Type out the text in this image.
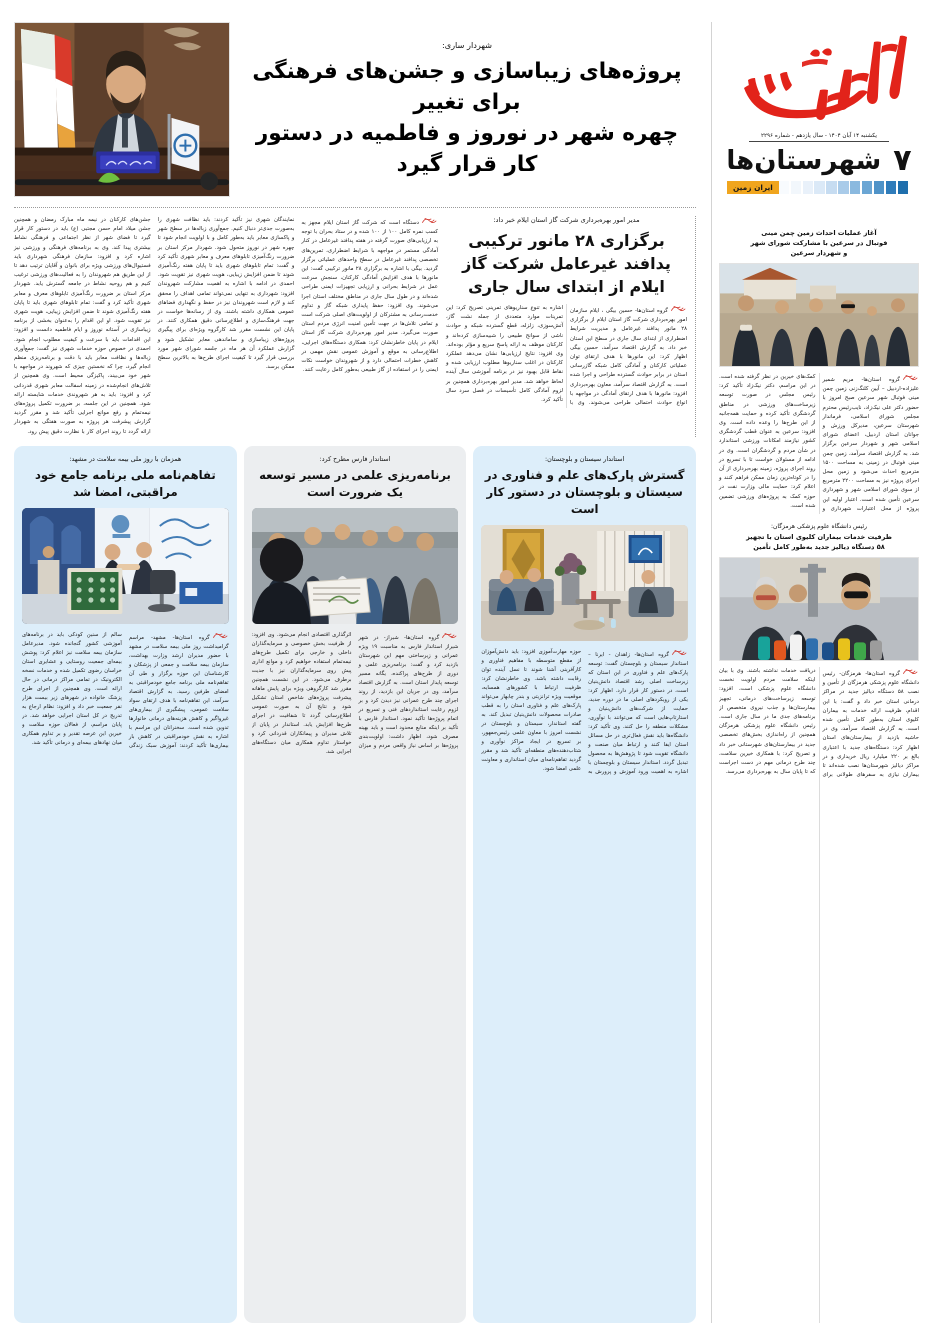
شهردار ساری:
پروژه‌های زیباسازی و جشن‌های فرهنگی برای تغییر
چهره شهر در نوروز و فاطمیه در دستور کار قرار گیرد
مدیر امور بهره‌برداری شرکت گاز استان ایلام خبر داد:
برگزاری ۲۸ مانور ترکیبی
پدافند غیرعامل شرکت گاز
ایلام از ابتدای سال جاری
گروه استان‌ها- حسین بیگی ، ایلام سازمان امور بهره‌برداری شرکت گاز استان ایلام از برگزاری ۲۸ مانور پدافند غیرعامل و مدیریت شرایط اضطراری از ابتدای سال جاری در سطح این استان خبر داد. به گزارش اقتصاد سرآمد، حسین بیگی اظهار کرد: این مانورها با هدف ارتقای توان عملیاتی کارکنان و آمادگی کامل شبکه گازرسانی استان در برابر حوادث گسترده طراحی و اجرا شده است. به گزارش اقتصاد سرآمد، معاون بهره‌برداری افزود: مانورها با هدف ارتقای آمادگی در مواجهه با انواع حوادث احتمالی طراحی می‌شوند. وی با اشاره به تنوع سناریوهای تمرینی تصریح کرد: این تمرینات موارد متعددی از جمله نشت گاز، آتش‌سوزی، زلزله، قطع گسترده شبکه و حوادث ناشی از سوانح طبیعی را شبیه‌سازی کرده‌اند و کارکنان موظف به ارائه پاسخ سریع و مؤثر بوده‌اند. وی افزود: نتایج ارزیابی‌ها نشان می‌دهد عملکرد کارکنان در اغلب سناریوها مطلوب ارزیابی شده و نقاط قابل بهبود نیز در برنامه آموزشی سال آینده لحاظ خواهد شد. مدیر امور بهره‌برداری همچنین بر لزوم آمادگی کامل تأسیسات در فصل سرد سال تأکید کرد.
دستگاه است که شرکت گاز استان ایلام مجهز به کسب نمره کامل ۱۰۰ از ۱۰۰ شده و در ستاد بحران با توجه به ارزیابی‌های صورت گرفته در هفته پدافند غیرعامل در کنار آمادگی مستمر در مواجهه با شرایط اضطراری، تمرین‌های تخصصی پدافند غیرعامل در سطح واحدهای عملیاتی برگزار گردید. بیگی با اشاره به برگزاری ۲۸ مانور ترکیبی گفت: این مانورها با هدف افزایش آمادگی کارکنان، سنجش سرعت عمل در شرایط بحرانی و ارزیابی تجهیزات ایمنی طراحی شده‌اند و در طول سال جاری در مناطق مختلف استان اجرا می‌شوند. وی افزود: حفظ پایداری شبکه گاز و تداوم خدمت‌رسانی به مشترکان از اولویت‌های اصلی شرکت است و تمامی تلاش‌ها در جهت تأمین امنیت انرژی مردم استان صورت می‌گیرد. مدیر امور بهره‌برداری شرکت گاز استان ایلام در پایان خاطرنشان کرد: همکاری دستگاه‌های اجرایی، اطلاع‌رسانی به موقع و آموزش عمومی نقش مهمی در کاهش خطرات احتمالی دارد و از شهروندان خواست نکات ایمنی را در استفاده از گاز طبیعی به‌طور کامل رعایت کنند.
نمایندگان شهری نیز تأکید کردند: باید نظافت شهری را به‌صورت جدی‌تر دنبال کنیم. جمع‌آوری زباله‌ها در سطح شهر و پاکسازی معابر باید به‌طور کامل و با اولویت انجام شود تا چهره شهر در نوروز متحول شود. شهردار مرکز استان بر ضرورت رنگ‌آمیزی تابلوهای معرف و معابر شهری تأکید کرد و گفت: تمام تابلوهای شهری باید تا پایان هفته رنگ‌آمیزی شوند تا ضمن افزایش زیبایی، هویت شهری نیز تقویت شود. احمدی در ادامه با اشاره به اهمیت مشارکت شهروندان افزود: شهرداری به تنهایی نمی‌تواند تمامی اهداف را محقق کند و لازم است شهروندان نیز در حفظ و نگهداری فضاهای عمومی همکاری داشته باشند. وی از رسانه‌ها خواست در جهت فرهنگ‌سازی و اطلاع‌رسانی دقیق همکاری کنند. در پایان این نشست مقرر شد کارگروه ویژه‌ای برای پیگیری پروژه‌های زیباسازی و ساماندهی معابر تشکیل شود و گزارش عملکرد آن هر ماه در جلسه شورای شهر مورد بررسی قرار گیرد تا کیفیت اجرای طرح‌ها به بالاترین سطح ممکن برسد.
جشن‌های کارکنان در نیمه ماه مبارک رمضان و همچنین جشن میلاد امام حسن مجتبی (ع) باید در دستور کار قرار گیرد تا فضای شهر از نظر اجتماعی و فرهنگی نشاط بیشتری پیدا کند. وی به برنامه‌های فرهنگی و ورزشی نیز اشاره کرد و افزود: سازمان فرهنگی شهرداری باید فستیوال‌های ورزشی ویژه برای بانوان و آقایان ترتیب دهد تا از این طریق هم شهروندان را به فعالیت‌های ورزشی ترغیب کنیم و هم روحیه نشاط در جامعه گسترش یابد. شهردار مرکز استان بر ضرورت رنگ‌آمیزی تابلوهای معرف و معابر شهری تأکید کرد و گفت: تمام تابلوهای شهری باید تا پایان هفته رنگ‌آمیزی شوند تا ضمن افزایش زیبایی، هویت شهری نیز تقویت شود. او این اقدام را به‌عنوان بخشی از برنامه زیباسازی در آستانه نوروز و ایام فاطمیه دانست و افزود: این اقدامات باید با سرعت و کیفیت مطلوب انجام شود. احمدی در خصوص حوزه خدمات شهری نیز گفت: جمع‌آوری زباله‌ها و نظافت معابر باید با دقت و برنامه‌ریزی منظم انجام گیرد، چرا که نخستین چیزی که شهروند در مواجهه با شهر خود می‌بیند، پاکیزگی محیط است. وی همچنین از تلاش‌های انجام‌شده در زمینه اسفالت معابر شهری قدردانی کرد و افزود: باید به هر شهروندی خدمات شایسته ارائه شود. همچنین در این جلسه، بر ضرورت تکمیل پروژه‌های نیمه‌تمام و رفع موانع اجرایی تأکید شد و مقرر گردید گزارش پیشرفت هر پروژه به صورت هفتگی به شهردار ارائه گردد تا روند اجرای کار با نظارت دقیق پیش رود.
استاندار سیستان و بلوچستان:
گسترش پارک‌های علم و فناوری در
سیستان و بلوچستان در دستور کار است
گروه استان‌ها- زاهدان - ایرنا – استاندار سیستان و بلوچستان گفت: توسعه پارک‌های علم و فناوری در این استان که زیرساخت اصلی رشد اقتصاد دانش‌بنیان است، در دستور کار قرار دارد. اظهار کرد: یکی از رویکردهای اصلی ما در دوره جدید، حمایت از شرکت‌های دانش‌بنیان و استارتاپ‌هایی است که می‌توانند با نوآوری، مشکلات منطقه را حل کنند. وی تأکید کرد: دانشگاه‌ها باید نقش فعال‌تری در حل مسائل استان ایفا کنند و ارتباط میان صنعت و دانشگاه تقویت شود تا پژوهش‌ها به محصول تبدیل گردد. استاندار سیستان و بلوچستان با اشاره به اهمیت ورود آموزش و پرورش به حوزه مهارت‌آموزی افزود: باید دانش‌آموزان از مقطع متوسطه با مفاهیم فناوری و کارآفرینی آشنا شوند تا نسل آینده توان رقابت داشته باشد. وی خاطرنشان کرد: ظرفیت ارتباط با کشورهای همسایه، موقعیت ویژه ترانزیتی و بندر چابهار می‌تواند پارک‌های علم و فناوری استان را به قطب صادرات محصولات دانش‌بنیان تبدیل کند. به گفته استاندار، سیستان و بلوچستان در نشست امروز با معاون علمی رئیس‌جمهور، بر تسریع در ایجاد مراکز نوآوری و شتاب‌دهنده‌های منطقه‌ای تأکید شد و مقرر گردید تفاهم‌نامه‌ای میان استانداری و معاونت علمی امضا شود.
استاندار فارس مطرح کرد:
برنامه‌ریزی علمی در مسیر توسعه
یک ضرورت است
گروه استان‌ها- شیراز- در شهر شیراز استاندار فارس به مناسبت ۱۹ ویژه عمرانی و زیرساختی مهم این شهرستان بازدید کرد و گفت: برنامه‌ریزی علمی و دوری از طرح‌های پراکنده، یگانه مسیر توسعه پایدار استان است. به گزارش اقتصاد سرآمد، وی در جریان این بازدید، از روند اجرای چند طرح عمرانی نیز دیدن کرد و بر لزوم رعایت استانداردهای فنی و تسریع در اتمام پروژه‌ها تأکید نمود. استاندار فارس با تأکید بر اینکه منابع محدود است و باید بهینه مصرف شود، اظهار داشت: اولویت‌بندی پروژه‌ها بر اساس نیاز واقعی مردم و میزان اثرگذاری اقتصادی انجام می‌شود. وی افزود: از ظرفیت بخش خصوصی و سرمایه‌گذاران داخلی و خارجی برای تکمیل طرح‌های نیمه‌تمام استفاده خواهیم کرد و موانع اداری پیش روی سرمایه‌گذاران نیز با جدیت برطرف می‌شود. در این نشست همچنین مقرر شد کارگروهی ویژه برای پایش ماهانه پیشرفت پروژه‌های شاخص استان تشکیل شود و نتایج آن به صورت عمومی اطلاع‌رسانی گردد تا شفافیت در اجرای طرح‌ها افزایش یابد. استاندار در پایان از تلاش مدیران و پیمانکاران قدردانی کرد و خواستار تداوم همکاری میان دستگاه‌های اجرایی شد.
همزمان با روز ملی بیمه سلامت در مشهد:
تفاهم‌نامه ملی برنامه جامع خود
مراقبتی، امضا شد
گروه استان‌ها- مشهد- مراسم گرامیداشت روز ملی بیمه سلامت در مشهد با حضور مدیران ارشد وزارت بهداشت، سازمان بیمه سلامت و جمعی از پزشکان و کارشناسان این حوزه برگزار و طی آن تفاهم‌نامه ملی برنامه جامع خودمراقبتی به امضای طرفین رسید. به گزارش اقتصاد سرآمد، این تفاهم‌نامه با هدف ارتقای سواد سلامت عمومی، پیشگیری از بیماری‌های غیرواگیر و کاهش هزینه‌های درمانی خانوارها تدوین شده است. سخنرانان این مراسم با اشاره به نقش خودمراقبتی در کاهش بار بیماری‌ها تأکید کردند: آموزش سبک زندگی سالم از سنین کودکی باید در برنامه‌های آموزشی کشور گنجانده شود. مدیرعامل سازمان بیمه سلامت نیز اعلام کرد: پوشش بیمه‌ای جمعیت روستایی و عشایری استان خراسان رضوی تکمیل شده و خدمات نسخه الکترونیک در تمامی مراکز درمانی در حال ارائه است. وی همچنین از اجرای طرح پزشک خانواده در شهرهای زیر بیست هزار نفر جمعیت خبر داد و افزود: نظام ارجاع به تدریج در کل استان اجرایی خواهد شد. در پایان مراسم، از فعالان حوزه سلامت و خیرین این عرصه تقدیر و بر تداوم همکاری میان نهادهای بیمه‌ای و درمانی تأکید شد.
یکشنبه ۱۴ آبان ۱۴۰۴ - سال یازدهم - شماره ۲۲۹۶
شهرستان‌ها ۷
ایران زمین
آغاز عملیات احداث زمین چمن مینی
فوتبال در سرعین با مشارکت شورای شهر
و شهردار سرعین
گروه استان‌ها- مریم شمیر علیزاده-اردبیل – آیین کلنگ‌زنی زمین چمن مینی فوتبال شهر سرعین صبح امروز با حضور دکتر علی نیک‌زاد، نایب‌رئیس محترم مجلس شورای اسلامی، فرماندار شهرستان سرعین، مدیرکل ورزش و جوانان استان اردبیل، اعضای شورای اسلامی شهر و شهردار سرعین برگزار شد. به گزارش اقتصاد سرآمد، زمین چمن مینی فوتبال در زمینی به مساحت ۱۵۰۰ مترمربع احداث می‌شود و زمین محل اجرای پروژه نیز به مساحت ۲۲۰۰ مترمربع از سوی شورای اسلامی شهر و شهرداری سرعین تأمین شده است. اعتبار اولیه این پروژه از محل اعتبارات شهرداری و کمک‌های خیرین در نظر گرفته شده است. در این مراسم، دکتر نیک‌زاد تأکید کرد: رئیس مجلس در صورت توسعه زیرساخت‌های ورزشی در مناطق گردشگری تأکید کرده و حمایت همه‌جانبه از این طرح‌ها را وعده داده است. وی افزود: سرعین به عنوان قطب گردشگری کشور نیازمند امکانات ورزشی استاندارد در شأن مردم و گردشگران است. وی در ادامه از مسئولان خواست تا با تسریع در روند اجرای پروژه، زمینه بهره‌برداری از آن را در کوتاه‌ترین زمان ممکن فراهم کنند و اعلام کرد: حمایت مالی وزارت نفت در حوزه کمک به پروژه‌های ورزشی تضمین شده است.
رئیس دانشگاه علوم پزشکی هرمزگان:
ظرفیت خدمات بیماران کلیوی استان با تجهیز
۵۸ دستگاه دیالیز جدید به‌طور کامل تأمین
گروه استان‌ها- هرمزگان- رئیس دانشگاه علوم پزشکی هرمزگان از تأمین و نصب ۵۸ دستگاه دیالیز جدید در مراکز درمانی استان خبر داد و گفت: با این اقدام، ظرفیت ارائه خدمات به بیماران کلیوی استان به‌طور کامل تأمین شده است. به گزارش اقتصاد سرآمد، وی در حاشیه بازدید از بیمارستان‌های استان اظهار کرد: دستگاه‌های جدید با اعتباری بالغ بر ۲۲۰ میلیارد ریال خریداری و در مراکز دیالیز شهرستان‌ها نصب شده‌اند تا بیماران نیازی به سفرهای طولانی برای دریافت خدمات نداشته باشند. وی با بیان اینکه سلامت مردم اولویت نخست دانشگاه علوم پزشکی است، افزود: توسعه زیرساخت‌های درمانی، تجهیز بیمارستان‌ها و جذب نیروی متخصص از برنامه‌های جدی ما در سال جاری است. رئیس دانشگاه علوم پزشکی هرمزگان همچنین از راه‌اندازی بخش‌های تخصصی جدید در بیمارستان‌های شهرستانی خبر داد و تصریح کرد: با همکاری خیرین سلامت، چند طرح درمانی مهم در دست اجراست که تا پایان سال به بهره‌برداری می‌رسد.
